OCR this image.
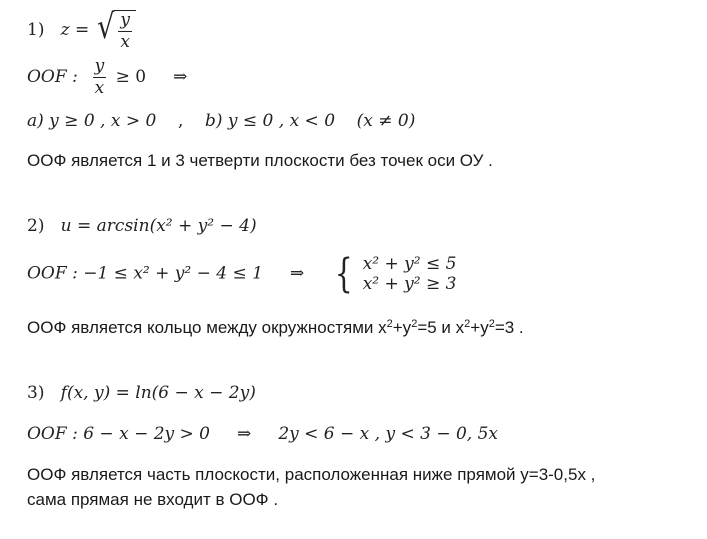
1) z = √ $\frac{y}{x}$
OOF : $\frac{y}{x} \ge 0$ ⇒
a) y ≥ 0 , x > 0 , b) y ≤ 0 , x < 0 (x ≠ 0)
ООФ является 1 и 3 четверти плоскости без точек оси ОУ .
2) u = arcsin(x² + y² − 4)
OOF : −1 ≤ x² + y² − 4 ≤ 1 ⇒ { x² + y² ≤ 5
x² + y² ≥ 3
ООФ является кольцо между окружностями $x^2+y^2=5$ и $x^2+y^2=3$ .
3) f(x, y) = ln(6 − x − 2y)
OOF : 6 − x − 2y > 0 ⇒ 2y < 6 − x , y < 3 − 0, 5x
ООФ является часть плоскости, расположенная ниже прямой у=3-0,5х ,
сама прямая не входит в ООФ .
